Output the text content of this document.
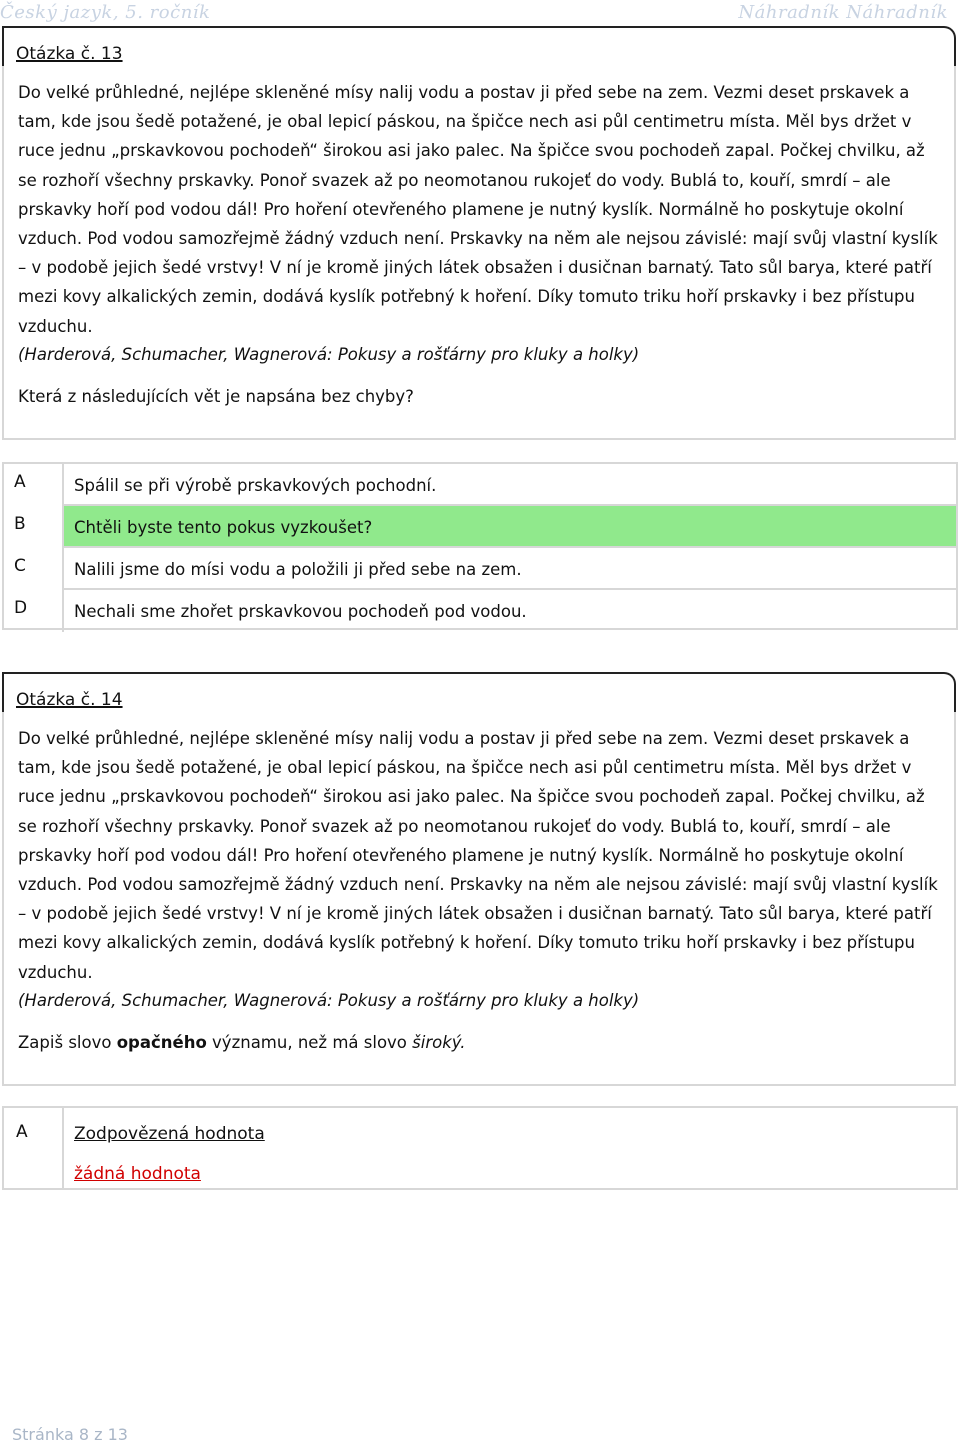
Český jazyk, 5. ročník	Náhradník Náhradník
Otázka č. 13
Do velké průhledné, nejlépe skleněné mísy nalij vodu a postav ji před sebe na zem. Vezmi deset prskavek a tam, kde jsou šedě potažené, je obal lepicí páskou, na špičce nech asi půl centimetru místa. Měl bys držet v ruce jednu „prskavkovou pochodeň“ širokou asi jako palec. Na špičce svou pochodeň zapal. Počkej chvilku, až se rozhoří všechny prskavky. Ponoř svazek až po neomotanou rukojeť do vody. Bublá to, kouří, smrdí – ale prskavky hoří pod vodou dál! Pro hoření otevřeného plamene je nutný kyslík. Normálně ho poskytuje okolní vzduch. Pod vodou samozřejmě žádný vzduch není. Prskavky na něm ale nejsou závislé: mají svůj vlastní kyslík – v podobě jejich šedé vrstvy! V ní je kromě jiných látek obsažen i dusičnan barnatý. Tato sůl barya, které patří mezi kovy alkalických zemin, dodává kyslík potřebný k hoření. Díky tomuto triku hoří prskavky i bez přístupu vzduchu.
(Harderová, Schumacher, Wagnerová: Pokusy a rošťárny pro kluky a holky)
Která z následujících vět je napsána bez chyby?
A	Spálil se při výrobě prskavkových pochodní.
B	Chtěli byste tento pokus vyzkoušet?
C	Nalili jsme do mísi vodu a položili ji před sebe na zem.
D	Nechali sme zhořet prskavkovou pochodeň pod vodou.
Otázka č. 14
Do velké průhledné, nejlépe skleněné mísy nalij vodu a postav ji před sebe na zem. Vezmi deset prskavek a tam, kde jsou šedě potažené, je obal lepicí páskou, na špičce nech asi půl centimetru místa. Měl bys držet v ruce jednu „prskavkovou pochodeň“ širokou asi jako palec. Na špičce svou pochodeň zapal. Počkej chvilku, až se rozhoří všechny prskavky. Ponoř svazek až po neomotanou rukojeť do vody. Bublá to, kouří, smrdí – ale prskavky hoří pod vodou dál! Pro hoření otevřeného plamene je nutný kyslík. Normálně ho poskytuje okolní vzduch. Pod vodou samozřejmě žádný vzduch není. Prskavky na něm ale nejsou závislé: mají svůj vlastní kyslík – v podobě jejich šedé vrstvy! V ní je kromě jiných látek obsažen i dusičnan barnatý. Tato sůl barya, které patří mezi kovy alkalických zemin, dodává kyslík potřebný k hoření. Díky tomuto triku hoří prskavky i bez přístupu vzduchu.
(Harderová, Schumacher, Wagnerová: Pokusy a rošťárny pro kluky a holky)
Zapiš slovo opačného významu, než má slovo široký.
A	Zodpovězená hodnota
žádná hodnota
Stránka 8 z 13
